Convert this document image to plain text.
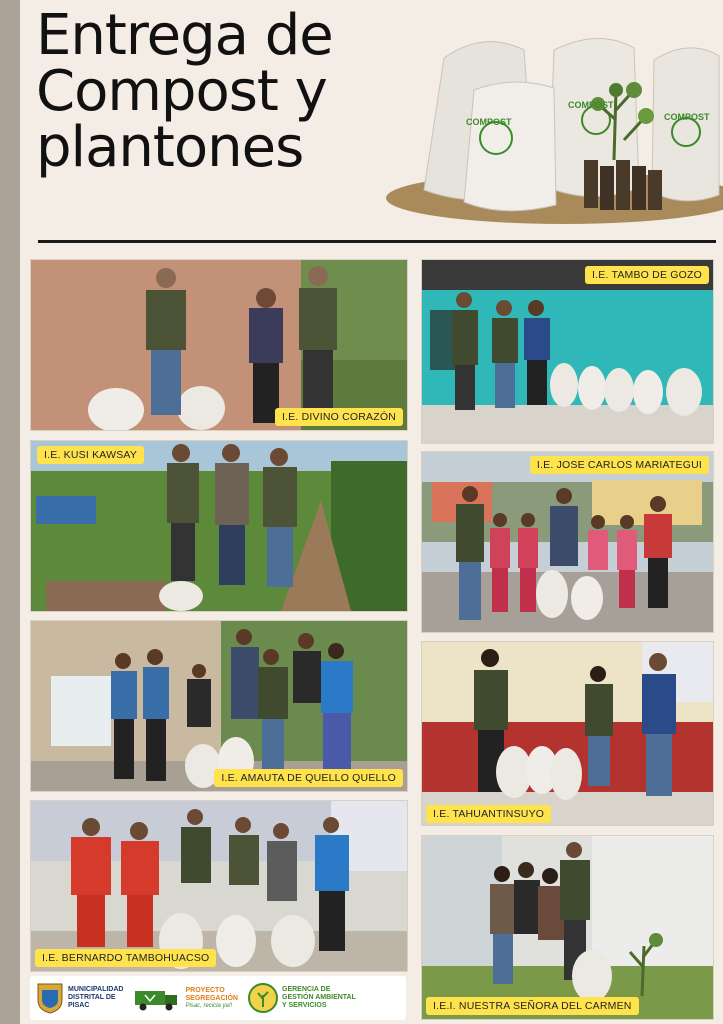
Entrega de
Compost y
plantones	COMPOST
COMPOST
COMPOST
I.E. DIVINO CORAZÓN
I.E. TAMBO DE GOZO
I.E. KUSI KAWSAY
I.E. JOSE CARLOS MARIATEGUI
I.E. AMAUTA DE QUELLO QUELLO
I.E. TAHUANTINSUYO
I.E. BERNARDO TAMBOHUACSO
I.E.I. NUESTRA SEÑORA DEL CARMEN
MUNICIPALIDAD
DISTRITAL DE
PISAC
PROYECTO
SEGREGACIÓN
Pisac, recicla ya!!
GERENCIA DE
GESTIÓN AMBIENTAL
Y SERVICIOS
